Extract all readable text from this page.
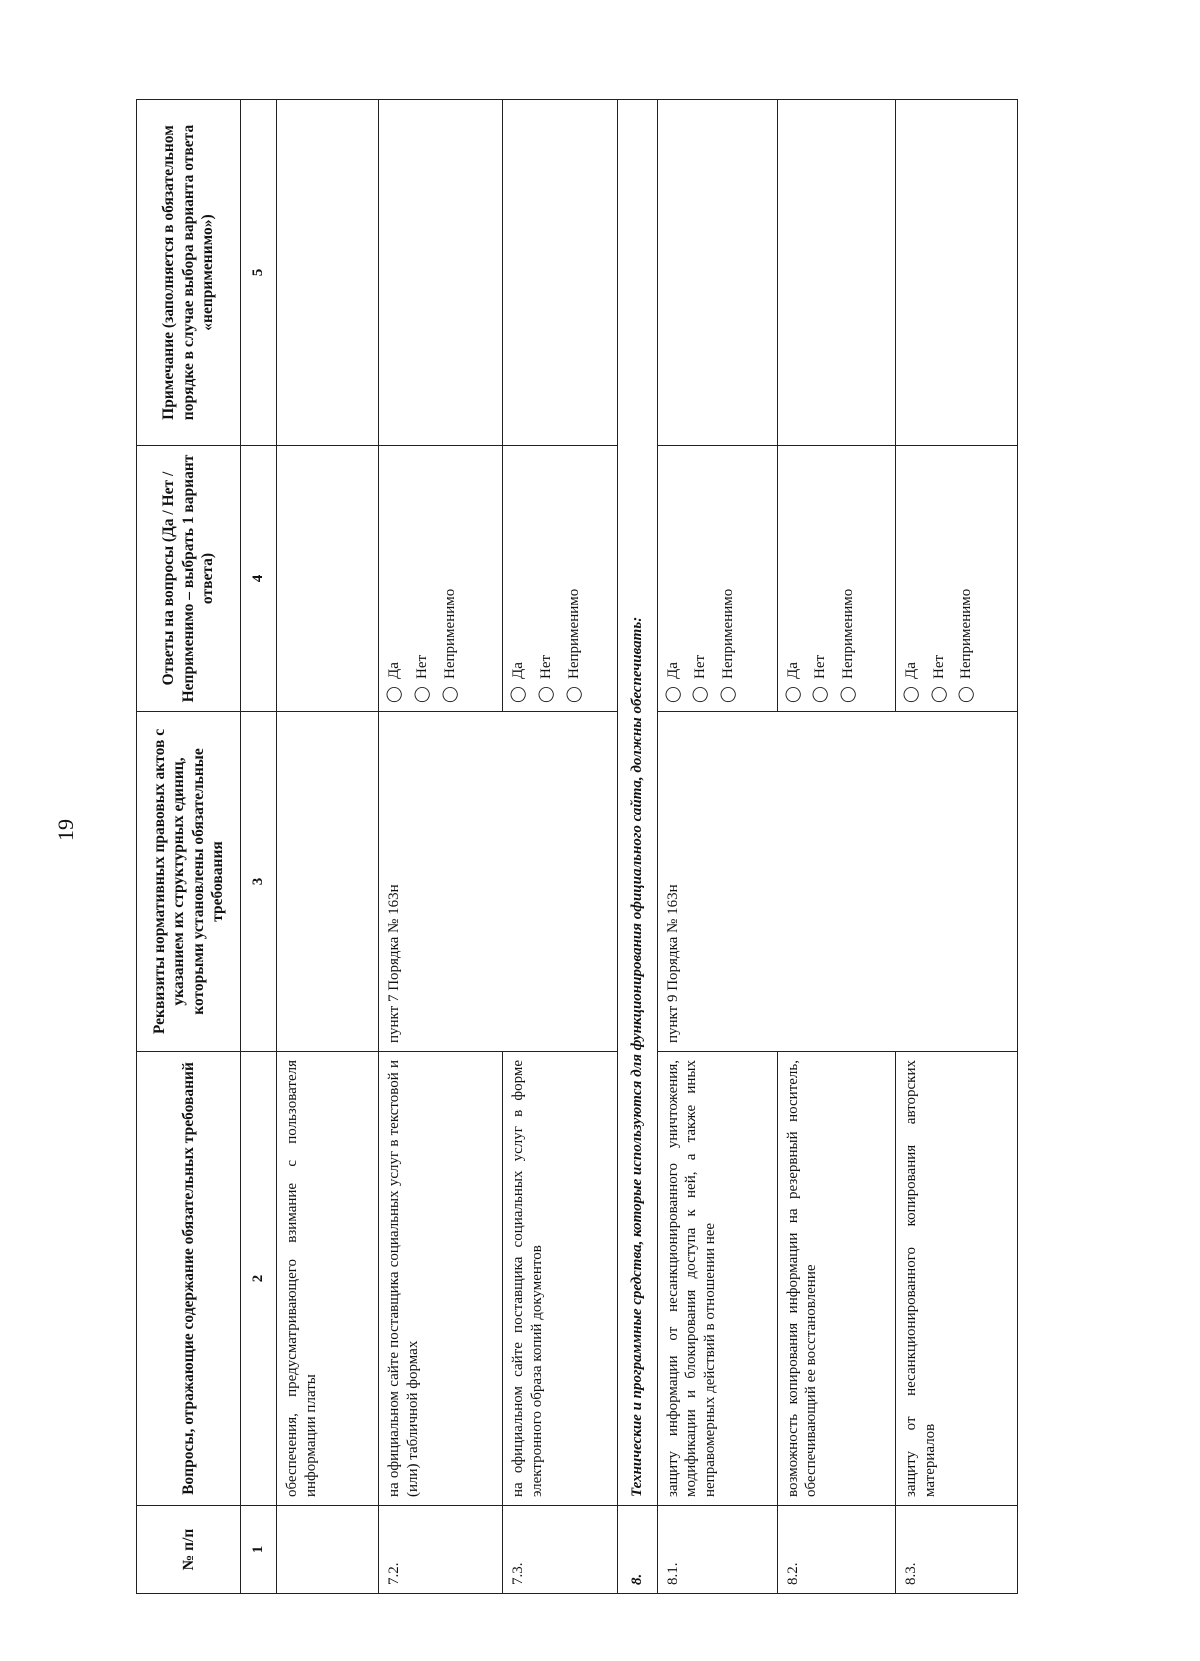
19
№ п/п	Вопросы, отражающие содержание обязательных требований	Реквизиты нормативных правовых актов с указанием их структурных единиц, которыми установлены обязательные требования	Ответы на вопросы (Да / Нет / Неприменимо – выбрать 1 вариант ответа)	Примечание (заполняется в обязательном порядке в случае выбора варианта ответа «неприменимо»)
1	2	3	4	5
	обеспечения, предусматривающего взимание с пользователя информации платы			
7.2.	на официальном сайте поставщика социальных услуг в текстовой и (или) табличной формах	пункт 7 Порядка № 163н	◯Да
◯Нет
◯Неприменимо	

7.3.	на официальном сайте поставщика социальных услуг в форме электронного образа копий документов		◯Да
◯Нет
◯Неприменимо	

8.	Технические и программные средства, которые используются для функционирования официального сайта, должны обеспечивать:			
8.1.	защиту информации от несанкционированного уничтожения, модификации и блокирования доступа к ней, а также иных неправомерных действий в отношении нее	пункт 9 Порядка № 163н	◯Да
◯Нет
◯Неприменимо	

8.2.	возможность копирования информации на резервный носитель, обеспечивающий ее восстановление		◯Да
◯Нет
◯Неприменимо	

8.3.	защиту от несанкционированного копирования авторских материалов		◯Да
◯Нет
◯Неприменимо	
